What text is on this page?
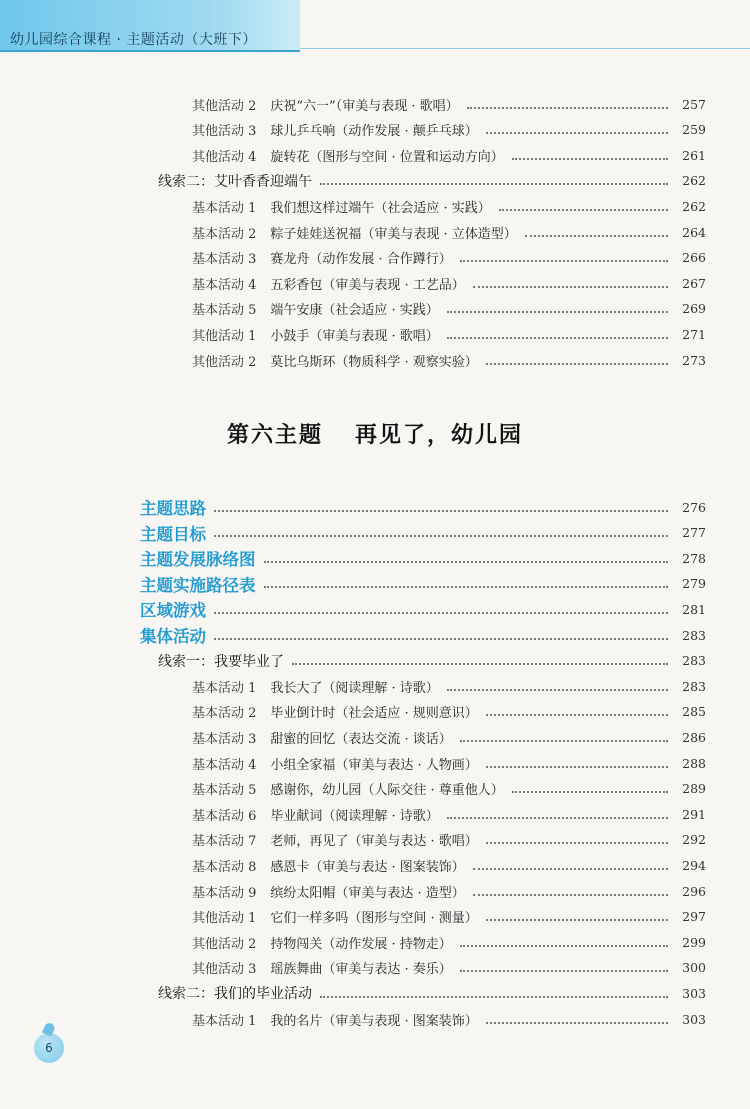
幼儿园综合课程 · 主题活动（大班下）
其他活动 2 庆祝“六一”（审美与表现 · 歌唱）	257
其他活动 3 球儿乒乓响（动作发展 · 颠乒乓球）	259
其他活动 4 旋转花（图形与空间 · 位置和运动方向）	261
线索二：艾叶香香迎端午	262
基本活动 1 我们想这样过端午（社会适应 · 实践）	262
基本活动 2 粽子娃娃送祝福（审美与表现 · 立体造型）	264
基本活动 3 赛龙舟（动作发展 · 合作蹲行）	266
基本活动 4 五彩香包（审美与表现 · 工艺品）	267
基本活动 5 端午安康（社会适应 · 实践）	269
其他活动 1 小鼓手（审美与表现 · 歌唱）	271
其他活动 2 莫比乌斯环（物质科学 · 观察实验）	273
主题思路	276
主题目标	277
主题发展脉络图	278
主题实施路径表	279
区域游戏	281
集体活动	283
线索一：我要毕业了	283
基本活动 1 我长大了（阅读理解 · 诗歌）	283
基本活动 2 毕业倒计时（社会适应 · 规则意识）	285
基本活动 3 甜蜜的回忆（表达交流 · 谈话）	286
基本活动 4 小组全家福（审美与表达 · 人物画）	288
基本活动 5 感谢你，幼儿园（人际交往 · 尊重他人）	289
基本活动 6 毕业献词（阅读理解 · 诗歌）	291
基本活动 7 老师，再见了（审美与表达 · 歌唱）	292
基本活动 8 感恩卡（审美与表达 · 图案装饰）	294
基本活动 9 缤纷太阳帽（审美与表达 · 造型）	296
其他活动 1 它们一样多吗（图形与空间 · 测量）	297
其他活动 2 持物闯关（动作发展 · 持物走）	299
其他活动 3 瑶族舞曲（审美与表达 · 奏乐）	300
线索二：我们的毕业活动	303
基本活动 1 我的名片（审美与表现 · 图案装饰）	303
第六主题 再见了，幼儿园
6
